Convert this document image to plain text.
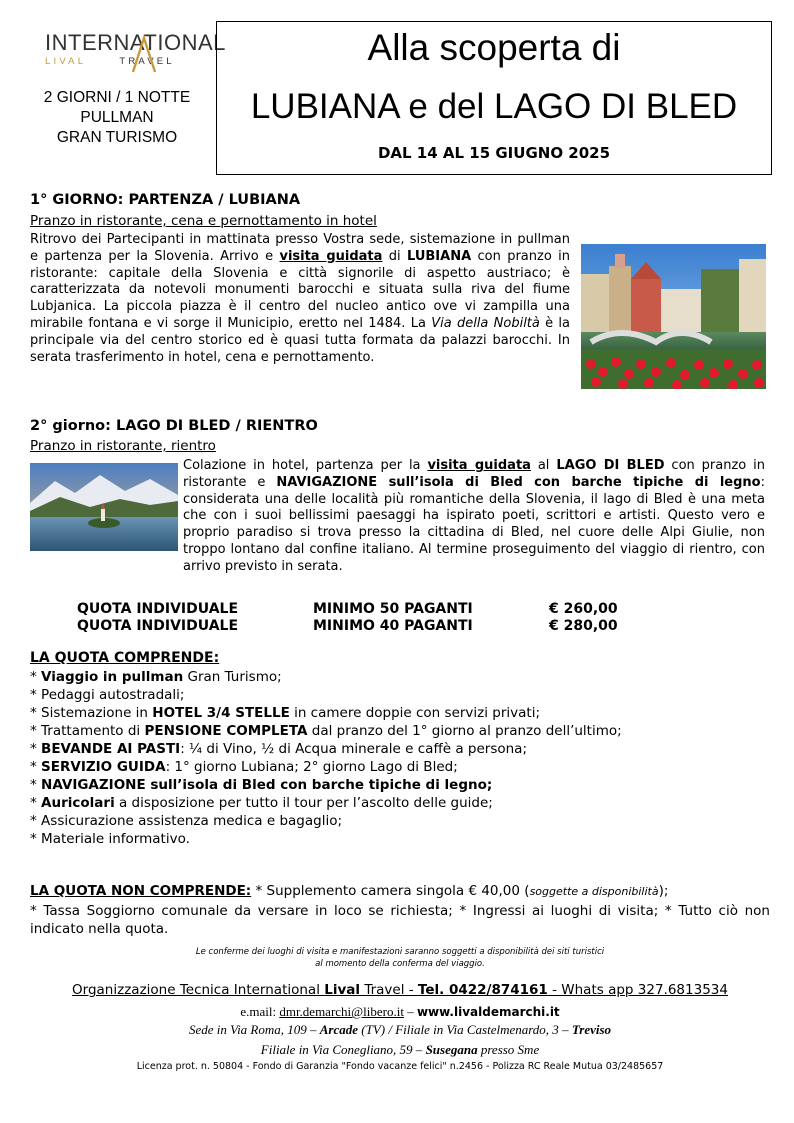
INTERNATIONAL
LIVAL	TRAVEL
2 GIORNI / 1 NOTTE
PULLMAN
GRAN TURISMO
Alla scoperta di
LUBIANA e del LAGO DI BLED
DAL 14 AL 15 GIUGNO 2025
1° GIORNO: PARTENZA / LUBIANA
Pranzo in ristorante, cena e pernottamento in hotel
Ritrovo dei Partecipanti in mattinata presso Vostra sede, sistemazione in pullman e partenza per la Slovenia. Arrivo e visita guidata di LUBIANA con pranzo in ristorante: capitale della Slovenia e città signorile di aspetto austriaco; è caratterizzata da notevoli monumenti barocchi e situata sulla riva del fiume Lubjanica. La piccola piazza è il centro del nucleo antico ove vi zampilla una mirabile fontana e vi sorge il Municipio, eretto nel 1484. La Via della Nobiltà è la principale via del centro storico ed è quasi tutta formata da palazzi barocchi. In serata trasferimento in hotel, cena e pernottamento.
2° giorno: LAGO DI BLED / RIENTRO
Pranzo in ristorante, rientro
Colazione in hotel, partenza per la visita guidata al LAGO DI BLED con pranzo in ristorante e NAVIGAZIONE sull’isola di Bled con barche tipiche di legno: considerata una delle località più romantiche della Slovenia, il lago di Bled è una meta che con i suoi bellissimi paesaggi ha ispirato poeti, scrittori e artisti. Questo vero e proprio paradiso si trova presso la cittadina di Bled, nel cuore delle Alpi Giulie, non troppo lontano dal confine italiano. Al termine proseguimento del viaggio di rientro, con arrivo previsto in serata.
QUOTA INDIVIDUALE	MINIMO 50 PAGANTI	€ 260,00
QUOTA INDIVIDUALE	MINIMO 40 PAGANTI	€ 280,00
LA QUOTA COMPRENDE:
* Viaggio in pullman Gran Turismo;
* Pedaggi autostradali;
* Sistemazione in HOTEL 3/4 STELLE in camere doppie con servizi privati;
* Trattamento di PENSIONE COMPLETA dal pranzo del 1° giorno al pranzo dell’ultimo;
* BEVANDE AI PASTI: ¼ di Vino, ½ di Acqua minerale e caffè a persona;
* SERVIZIO GUIDA: 1° giorno Lubiana; 2° giorno Lago di Bled;
* NAVIGAZIONE sull’isola di Bled con barche tipiche di legno;
* Auricolari a disposizione per tutto il tour per l’ascolto delle guide;
* Assicurazione assistenza medica e bagaglio;
* Materiale informativo.
LA QUOTA NON COMPRENDE: * Supplemento camera singola € 40,00 (soggette a disponibilità);
* Tassa Soggiorno comunale da versare in loco se richiesta; * Ingressi ai luoghi di visita; * Tutto ciò non indicato nella quota.
Le conferme dei luoghi di visita e manifestazioni saranno soggetti a disponibilità dei siti turistici
al momento della conferma del viaggio.
Organizzazione Tecnica International Lival Travel - Tel. 0422/874161 - Whats app 327.6813534
e.mail: dmr.demarchi@libero.it – www.livaldemarchi.it
Sede in Via Roma, 109 – Arcade (TV) / Filiale in Via Castelmenardo, 3 – Treviso
Filiale in Via Conegliano, 59 – Susegana presso Sme
Licenza prot. n. 50804 - Fondo di Garanzia "Fondo vacanze felici" n.2456 - Polizza RC Reale Mutua 03/2485657
